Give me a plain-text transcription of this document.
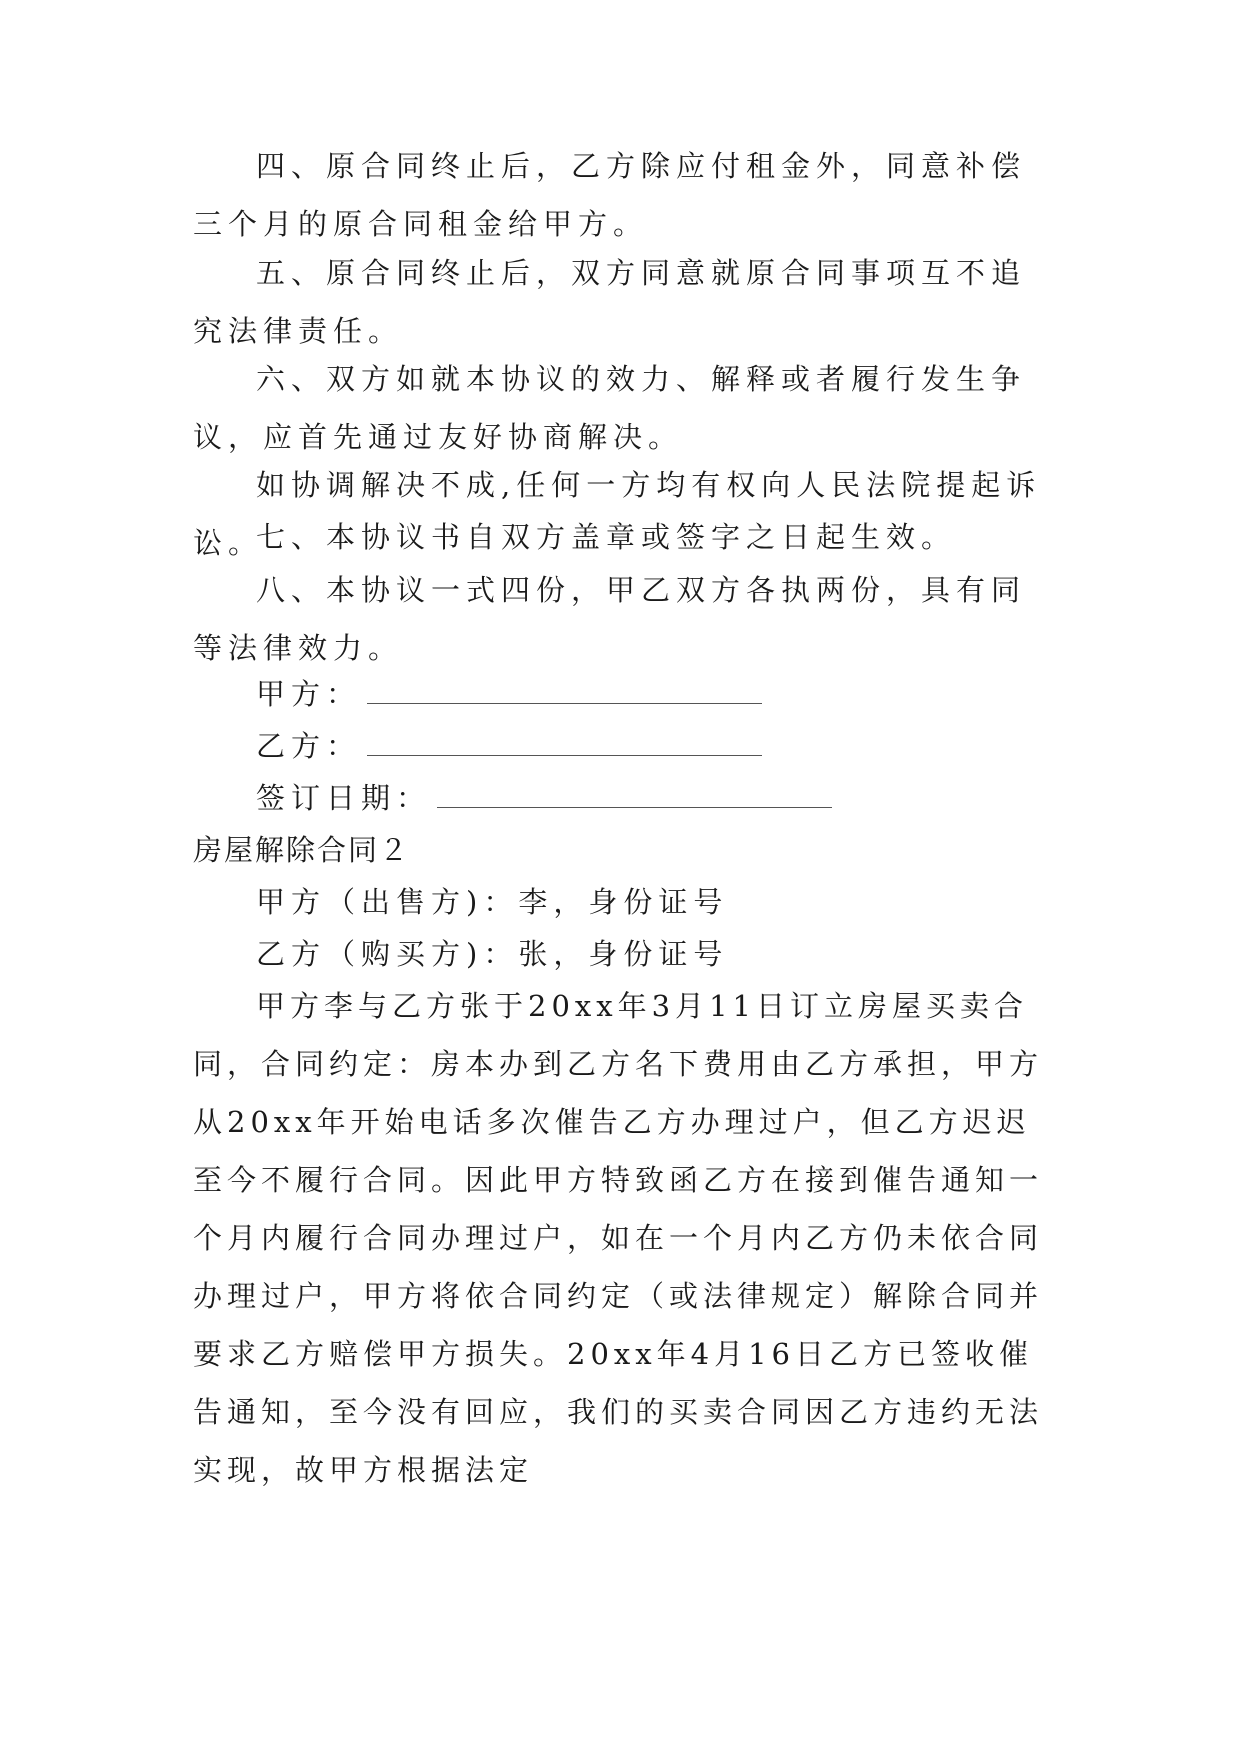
四、原合同终止后，乙方除应付租金外，同意补偿三个月的原合同租金给甲方。
五、原合同终止后，双方同意就原合同事项互不追究法律责任。
六、双方如就本协议的效力、解释或者履行发生争议，应首先通过友好协商解决。
如协调解决不成,任何一方均有权向人民法院提起诉讼。
七、本协议书自双方盖章或签字之日起生效。
八、本协议一式四份，甲乙双方各执两份，具有同等法律效力。
甲方：
乙方：
签订日期：
房屋解除合同２
甲方（出售方)：李，身份证号
乙方（购买方)：张，身份证号
甲方李与乙方张于20xx年3月11日订立房屋买卖合同，合同约定：房本办到乙方名下费用由乙方承担，甲方从20xx年开始电话多次催告乙方办理过户，但乙方迟迟至今不履行合同。因此甲方特致函乙方在接到催告通知一个月内履行合同办理过户，如在一个月内乙方仍未依合同办理过户，甲方将依合同约定（或法律规定）解除合同并要求乙方赔偿甲方损失。20xx年4月16日乙方已签收催告通知，至今没有回应，我们的买卖合同因乙方违约无法实现，故甲方根据法定
